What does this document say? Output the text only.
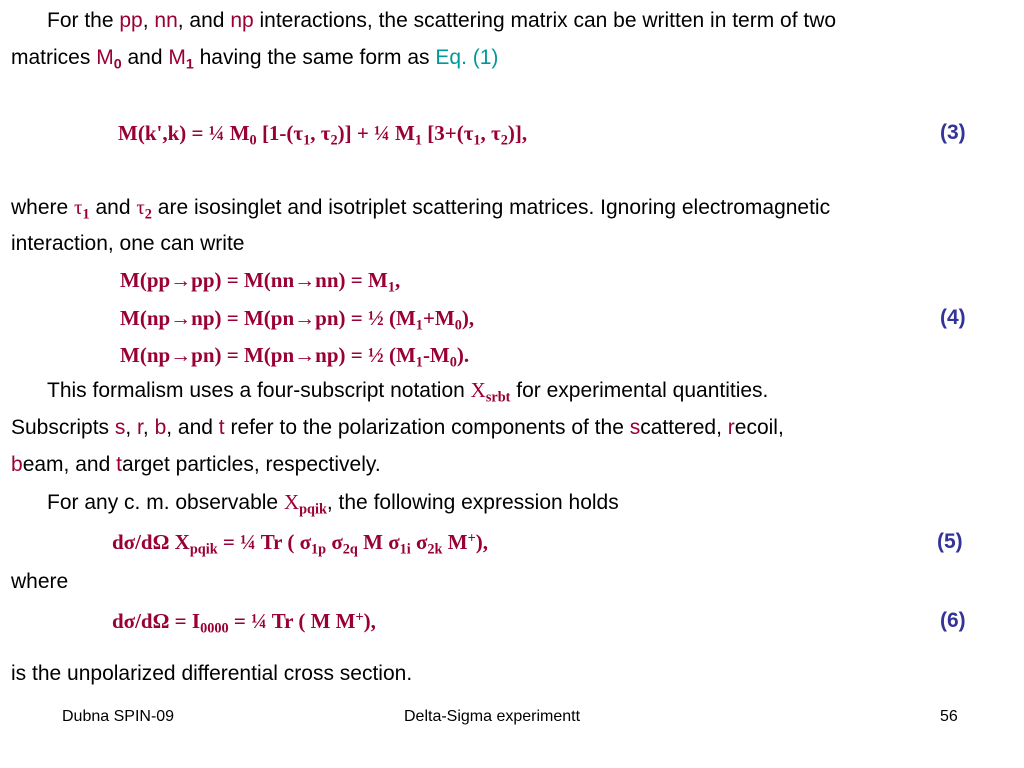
For the pp, nn, and np interactions, the scattering matrix can be written in term of two
matrices $M_0$ and $M_1$ having the same form as Eq. (1)
M(k',k) = ¼ $M_0$ [$1-(\tau_1$, $\tau_2$)] + ¼ $M_1$ [$3+(\tau_1$, $\tau_2$)],	(3)
where $\tau_1$ and $\tau_2$ are isosinglet and isotriplet scattering matrices. Ignoring electromagnetic
interaction, one can write
$M(pp\to pp) = M(nn\to nn) = M_1$,
M(np→np) = M(pn→pn) = ½ $(M_1+M_0)$,	(4)
M(np→pn) = M(pn→np) = ½ $(M_1-M_0)$.
This formalism uses a four-subscript notation $X_{srbt}$ for experimental quantities.
Subscripts s, r, b, and t refer to the polarization components of the scattered, recoil,
beam, and target particles, respectively.
For any c. m. observable $X_{pqik}$, the following expression holds
dσ/dΩ $X_{pqik}$ = ¼ Tr ( $\sigma_{1p}$ $\sigma_{2q}$ M $\sigma_{1i}$ $\sigma_{2k}$ M+),	(5)
where
$d\sigma/d\Omega = I_{0000}$ = ¼ Tr ( M M+),	(6)
is the unpolarized differential cross section.
Dubna SPIN-09	Delta-Sigma experimentt	56
